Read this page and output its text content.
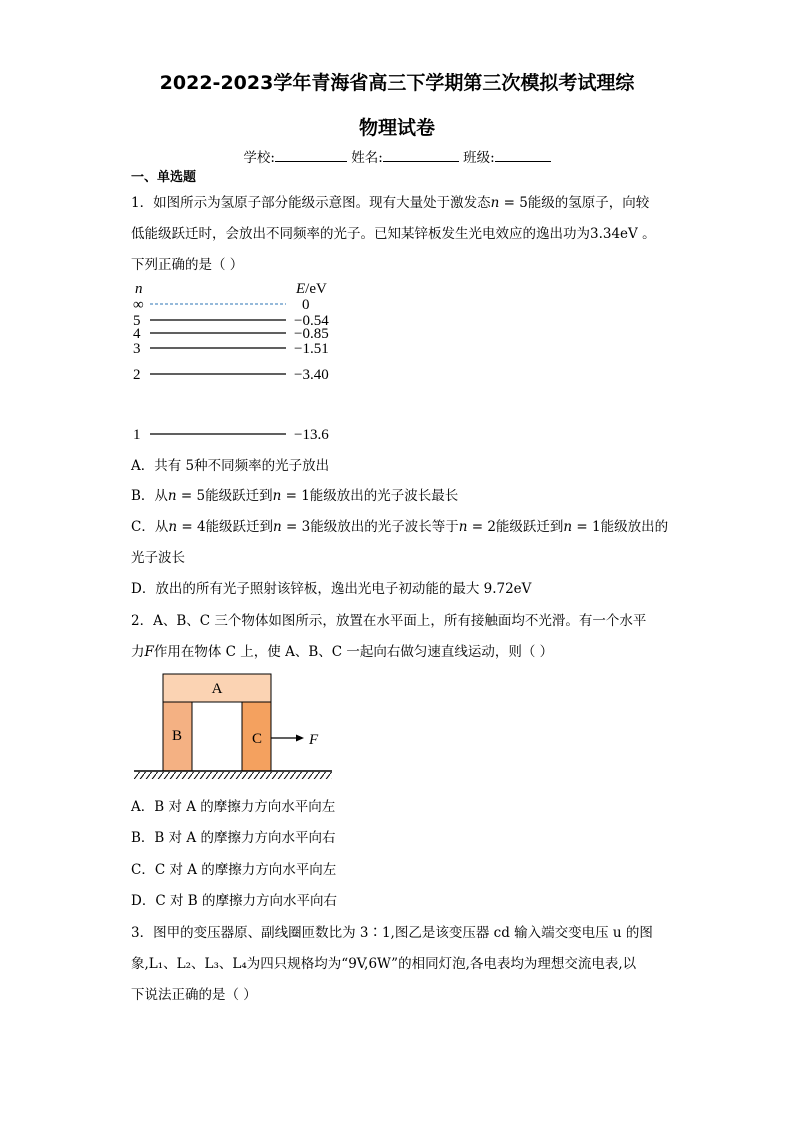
2022-2023学年青海省高三下学期第三次模拟考试理综
物理试卷
学校:	姓名:	班级:
一、单选题
1．如图所示为氢原子部分能级示意图。现有大量处于激发态n = 5能级的氢原子，向较
低能级跃迁时，会放出不同频率的光子。已知某锌板发生光电效应的逸出功为3.34eV 。
下列正确的是（ ）
n	E/eV
∞
5
4
3
2
1
0
−0.54
−0.85
−1.51
−3.40
−13.6
A．共有 5种不同频率的光子放出
B．从n = 5能级跃迁到n = 1能级放出的光子波长最长
C．从n = 4能级跃迁到n = 3能级放出的光子波长等于n = 2能级跃迁到n = 1能级放出的
光子波长
D．放出的所有光子照射该锌板，逸出光电子初动能的最大 9.72eV
2．A、B、C 三个物体如图所示，放置在水平面上，所有接触面均不光滑。有一个水平
力F作用在物体 C 上，使 A、B、C 一起向右做匀速直线运动，则（ ）
A
B	C	F
A．B 对 A 的摩擦力方向水平向左
B．B 对 A 的摩擦力方向水平向右
C．C 对 A 的摩擦力方向水平向左
D．C 对 B 的摩擦力方向水平向右
3．图甲的变压器原、副线圈匝数比为 3∶1,图乙是该变压器 cd 输入端交变电压 u 的图
象,L₁、L₂、L₃、L₄为四只规格均为“9V,6W”的相同灯泡,各电表均为理想交流电表,以
下说法正确的是（ ）
